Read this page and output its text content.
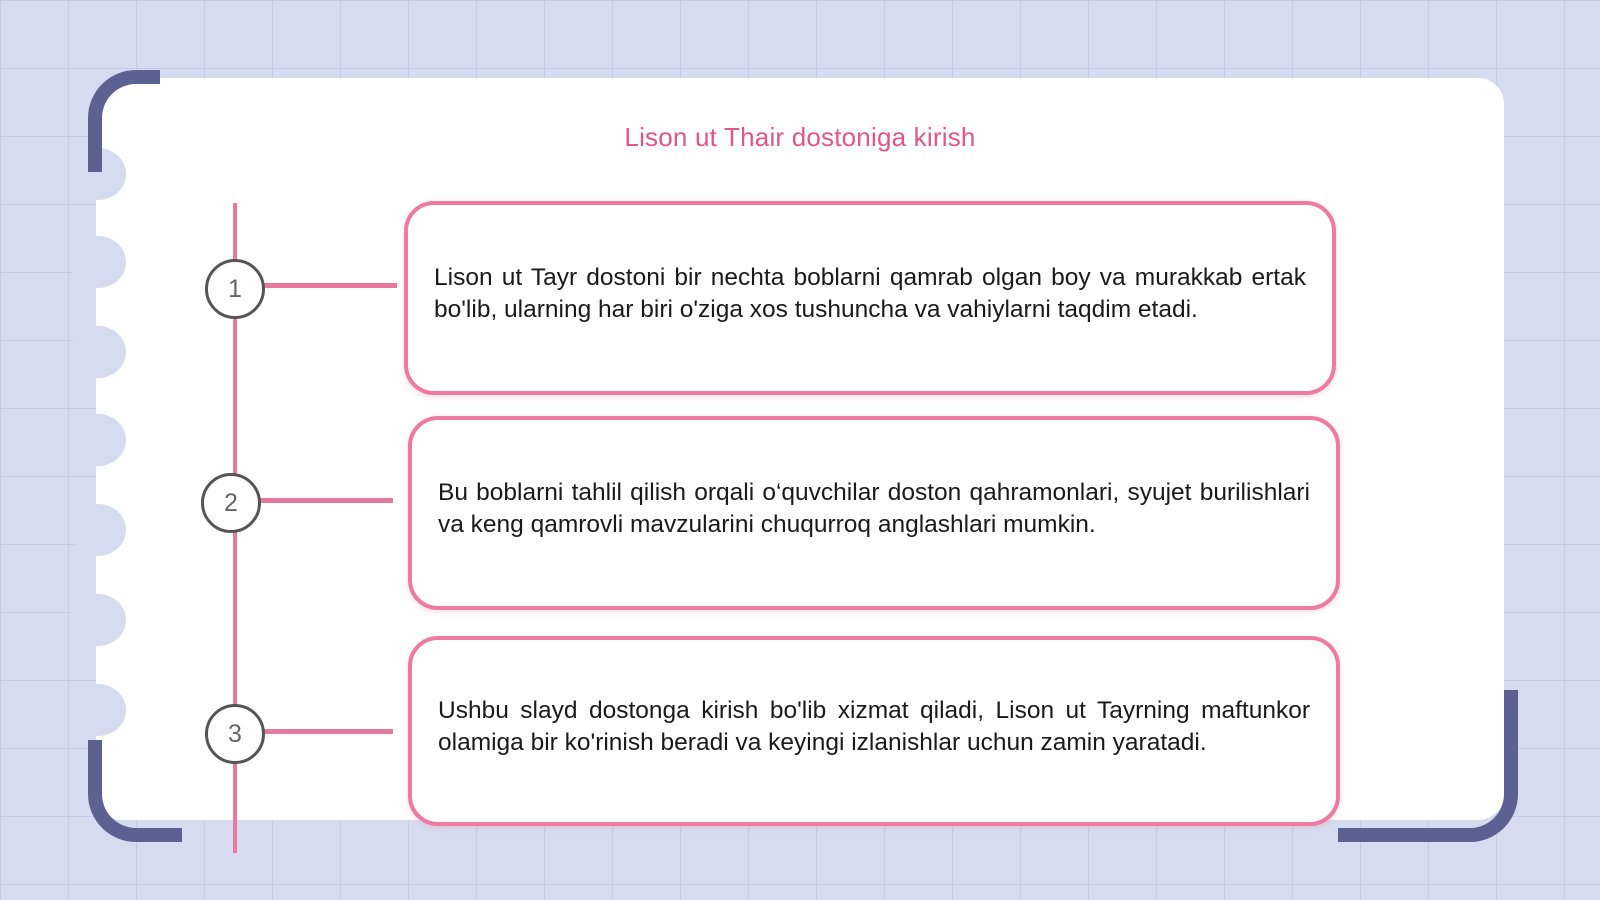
Lison ut Thair dostoniga kirish
1
2
3

Lison ut Tayr dostoni bir nechta boblarni qamrab olgan boy va murakkab ertak bo'lib, ularning har biri o'ziga xos tushuncha va vahiylarni taqdim etadi.

Bu boblarni tahlil qilish orqali o‘quvchilar doston qahramonlari, syujet burilishlari va keng qamrovli mavzularini chuqurroq anglashlari mumkin.

Ushbu slayd dostonga kirish bo'lib xizmat qiladi, Lison ut Tayrning maftunkor olamiga bir ko'rinish beradi va keyingi izlanishlar uchun zamin yaratadi.
